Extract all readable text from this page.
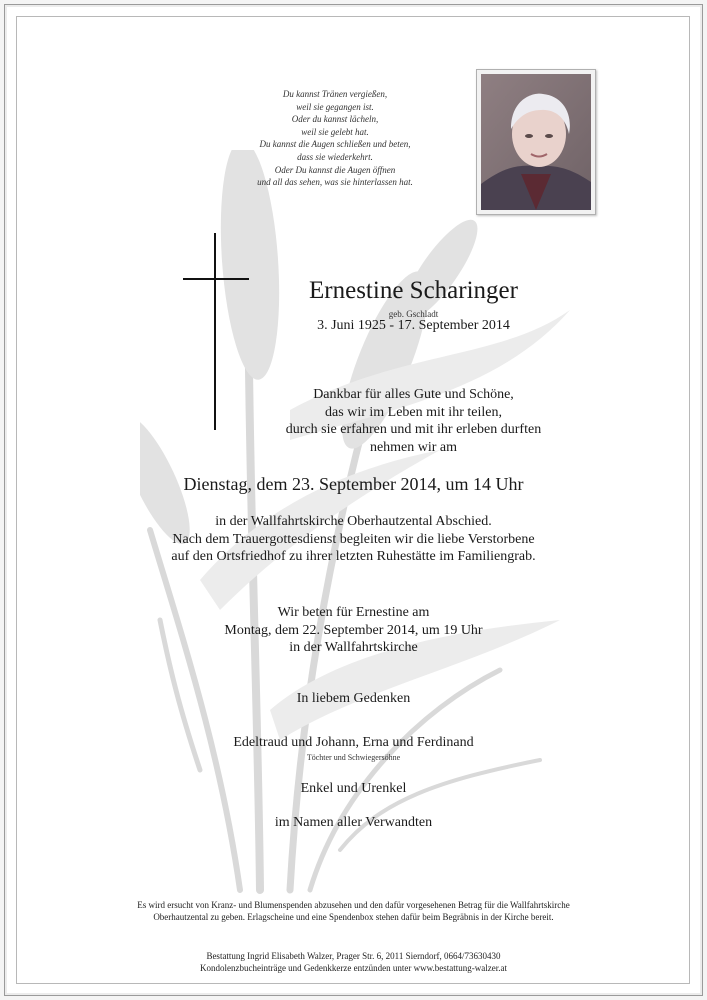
Du kannst Tränen vergießen,
weil sie gegangen ist.
Oder du kannst lächeln,
weil sie gelebt hat.
Du kannst die Augen schließen und beten,
dass sie wiederkehrt.
Oder Du kannst die Augen öffnen
und all das sehen, was sie hinterlassen hat.
Ernestine Scharinger
geb. Gschladt
3. Juni 1925 - 17. September 2014
Dankbar für alles Gute und Schöne,
das wir im Leben mit ihr teilen,
durch sie erfahren und mit ihr erleben durften
nehmen wir am
Dienstag, dem 23. September 2014, um 14 Uhr
in der Wallfahrtskirche Oberhautzental Abschied.
Nach dem Trauergottesdienst begleiten wir die liebe Verstorbene
auf den Ortsfriedhof zu ihrer letzten Ruhestätte im Familiengrab.
Wir beten für Ernestine am
Montag, dem 22. September 2014, um 19 Uhr
in der Wallfahrtskirche
In liebem Gedenken
Edeltraud und Johann, Erna und Ferdinand
Töchter und Schwiegersöhne
Enkel und Urenkel
im Namen aller Verwandten
Es wird ersucht von Kranz- und Blumenspenden abzusehen und den dafür vorgesehenen Betrag für die Wallfahrtskirche
Oberhautzental zu geben. Erlagscheine und eine Spendenbox stehen dafür beim Begräbnis in der Kirche bereit.
Bestattung Ingrid Elisabeth Walzer, Prager Str. 6, 2011 Sierndorf, 0664/73630430
Kondolenzbucheinträge und Gedenkkerze entzünden unter www.bestattung-walzer.at
